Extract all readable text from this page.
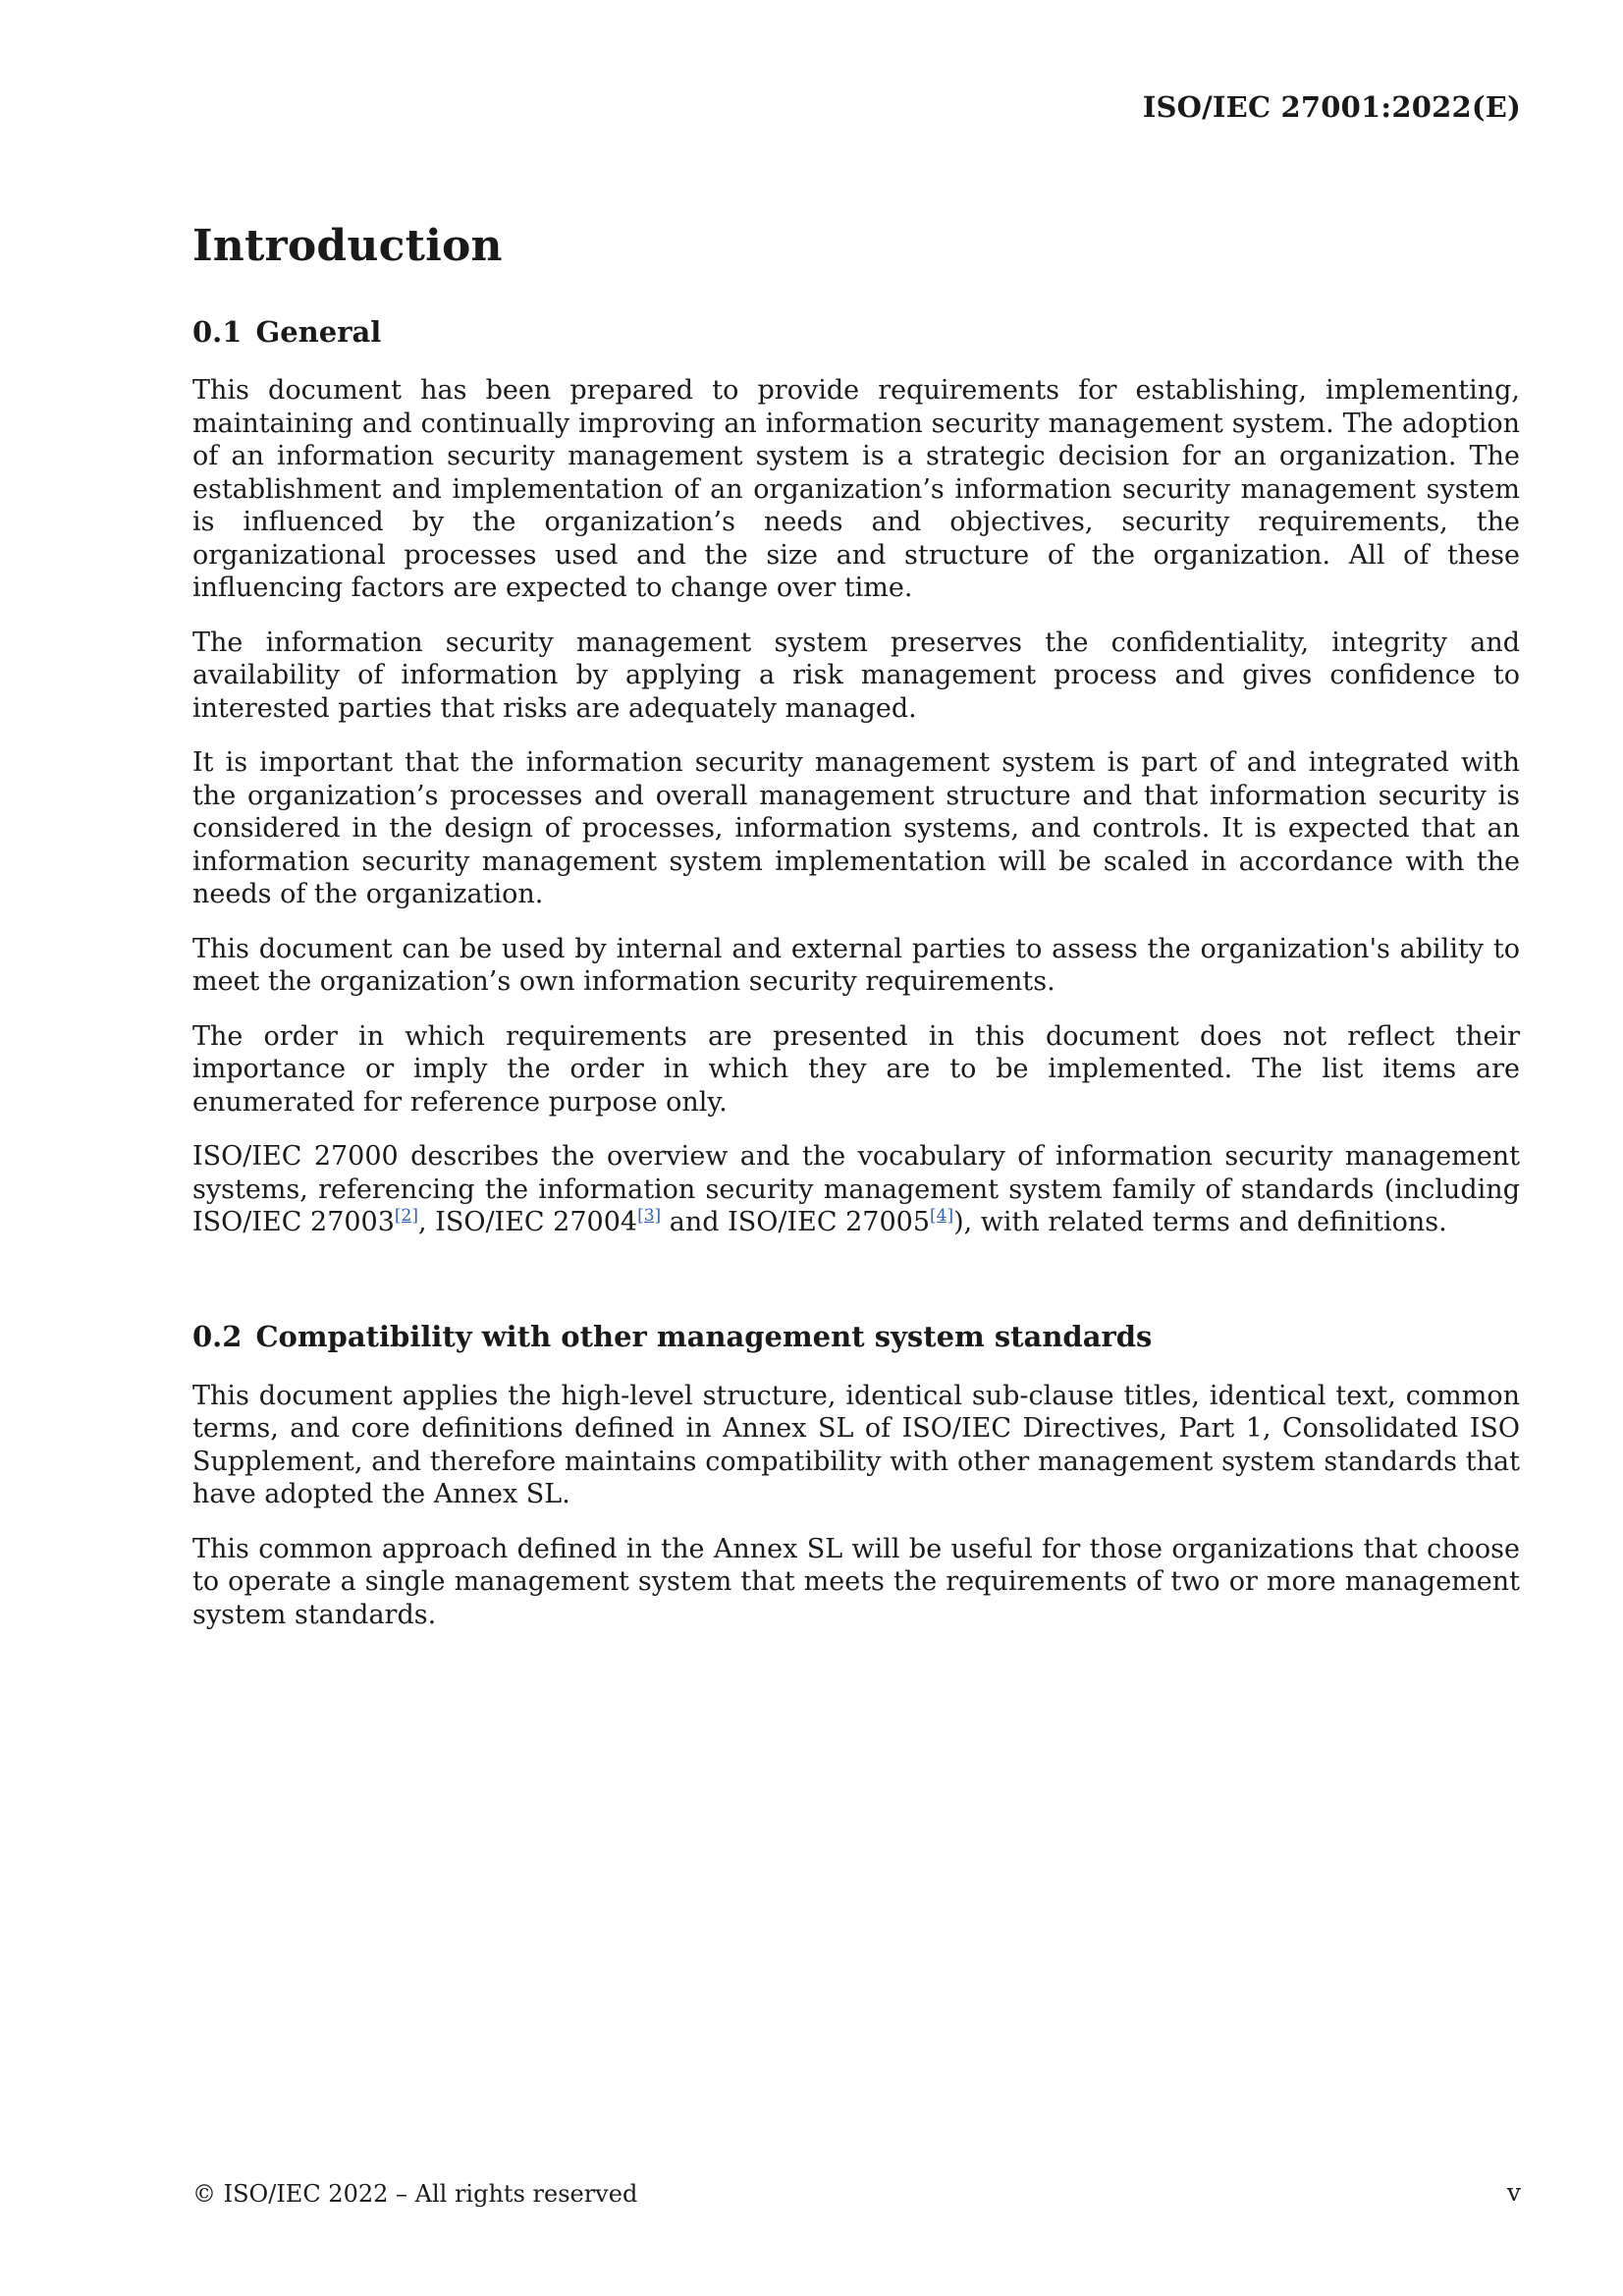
ISO/IEC 27001:2022(E)
Introduction
0.1 General

This document has been prepared to provide requirements for establishing, implementing, maintaining and continually improving an information security management system. The adoption of an information security management system is a strategic decision for an organization. The establishment and implementation of an organization’s information security management system is influenced by the organization’s needs and objectives, security requirements, the organizational processes used and the size and structure of the organization. All of these influencing factors are expected to change over time.

The information security management system preserves the confidentiality, integrity and availability of information by applying a risk management process and gives confidence to interested parties that risks are adequately managed.

It is important that the information security management system is part of and integrated with the organization’s processes and overall management structure and that information security is considered in the design of processes, information systems, and controls. It is expected that an information security management system implementation will be scaled in accordance with the needs of the organization.

This document can be used by internal and external parties to assess the organization's ability to meet the organization’s own information security requirements.

The order in which requirements are presented in this document does not reflect their importance or imply the order in which they are to be implemented. The list items are enumerated for reference purpose only.

ISO/IEC 27000 describes the overview and the vocabulary of information security management systems, referencing the information security management system family of standards (including ISO/IEC 27003[2], ISO/IEC 27004[3] and ISO/IEC 27005[4]), with related terms and definitions.

0.2 Compatibility with other management system standards

This document applies the high-level structure, identical sub-clause titles, identical text, common terms, and core definitions defined in Annex SL of ISO/IEC Directives, Part 1, Consolidated ISO Supplement, and therefore maintains compatibility with other management system standards that have adopted the Annex SL.

This common approach defined in the Annex SL will be useful for those organizations that choose to operate a single management system that meets the requirements of two or more management system standards.

© ISO/IEC 2022 – All rights reserved	v
